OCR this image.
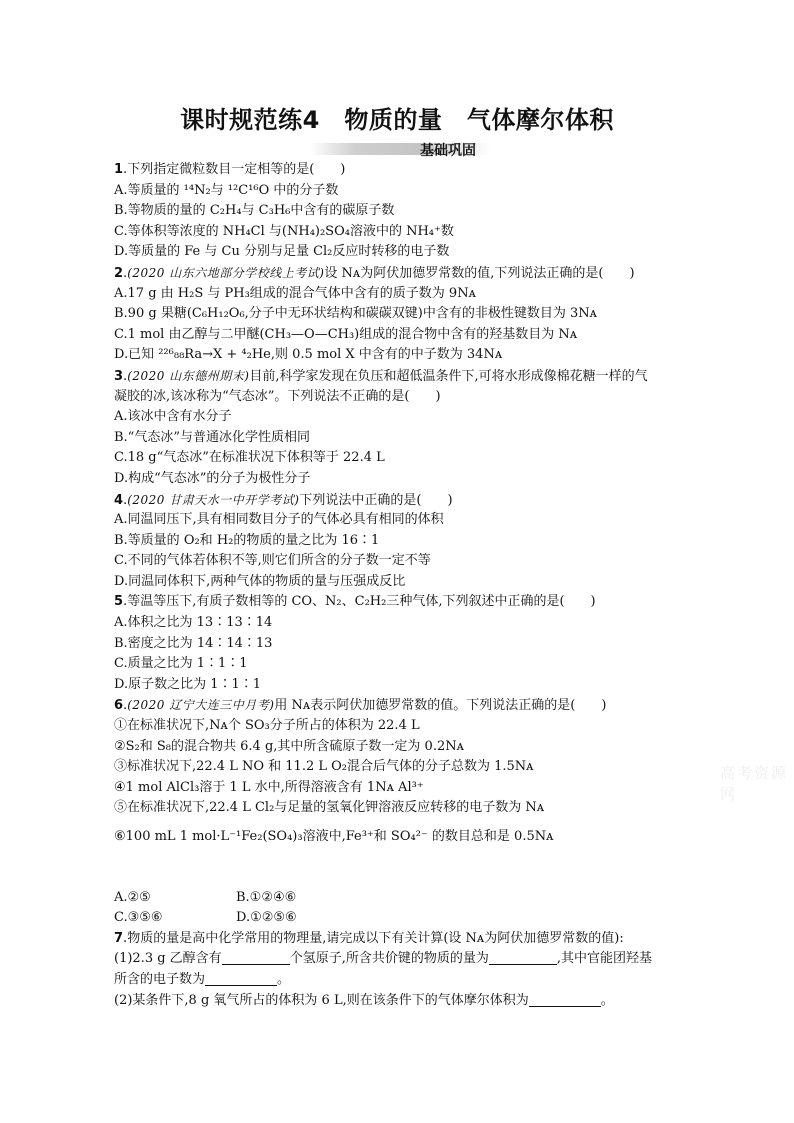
课时规范练4　物质的量　气体摩尔体积
基础巩固
1.下列指定微粒数目一定相等的是(　　)
A.等质量的 ¹⁴N₂与 ¹²C¹⁶O 中的分子数
B.等物质的量的 C₂H₄与 C₃H₆中含有的碳原子数
C.等体积等浓度的 NH₄Cl 与(NH₄)₂SO₄溶液中的 NH₄⁺数
D.等质量的 Fe 与 Cu 分别与足量 Cl₂反应时转移的电子数
2.(2020 山东六地部分学校线上考试)设 Nᴀ为阿伏加德罗常数的值,下列说法正确的是(　　)
A.17 g 由 H₂S 与 PH₃组成的混合气体中含有的质子数为 9Nᴀ
B.90 g 果糖(C₆H₁₂O₆,分子中无环状结构和碳碳双键)中含有的非极性键数目为 3Nᴀ
C.1 mol 由乙醇与二甲醚(CH₃—O—CH₃)组成的混合物中含有的羟基数目为 Nᴀ
D.已知 ²²⁶₈₈Ra→X + ⁴₂He,则 0.5 mol X 中含有的中子数为 34Nᴀ
3.(2020 山东德州期末)目前,科学家发现在负压和超低温条件下,可将水形成像棉花糖一样的气
凝胶的冰,该冰称为“气态冰”。下列说法不正确的是(　　)
A.该冰中含有水分子
B.“气态冰”与普通冰化学性质相同
C.18 g“气态冰”在标准状况下体积等于 22.4 L
D.构成“气态冰”的分子为极性分子
4.(2020 甘肃天水一中开学考试)下列说法中正确的是(　　)
A.同温同压下,具有相同数目分子的气体必具有相同的体积
B.等质量的 O₂和 H₂的物质的量之比为 16∶1
C.不同的气体若体积不等,则它们所含的分子数一定不等
D.同温同体积下,两种气体的物质的量与压强成反比
5.等温等压下,有质子数相等的 CO、N₂、C₂H₂三种气体,下列叙述中正确的是(　　)
A.体积之比为 13∶13∶14
B.密度之比为 14∶14∶13
C.质量之比为 1∶1∶1
D.原子数之比为 1∶1∶1
6.(2020 辽宁大连三中月考)用 Nᴀ表示阿伏加德罗常数的值。下列说法正确的是(　　)
①在标准状况下,Nᴀ个 SO₃分子所占的体积为 22.4 L
②S₂和 S₈的混合物共 6.4 g,其中所含硫原子数一定为 0.2Nᴀ
③标准状况下,22.4 L NO 和 11.2 L O₂混合后气体的分子总数为 1.5Nᴀ
④1 mol AlCl₃溶于 1 L 水中,所得溶液含有 1Nᴀ Al³⁺
⑤在标准状况下,22.4 L Cl₂与足量的氢氧化钾溶液反应转移的电子数为 Nᴀ
⑥100 mL 1 mol·L⁻¹Fe₂(SO₄)₃溶液中,Fe³⁺和 SO₄²⁻ 的数目总和是 0.5Nᴀ
A.②⑤	B.①②④⑥
C.③⑤⑥	D.①②⑤⑥
7.物质的量是高中化学常用的物理量,请完成以下有关计算(设 Nᴀ为阿伏加德罗常数的值):
(1)2.3 g 乙醇含有	个氢原子,所含共价键的物质的量为	,其中官能团羟基
所含的电子数为	。
(2)某条件下,8 g 氧气所占的体积为 6 L,则在该条件下的气体摩尔体积为	。
高考资源网
